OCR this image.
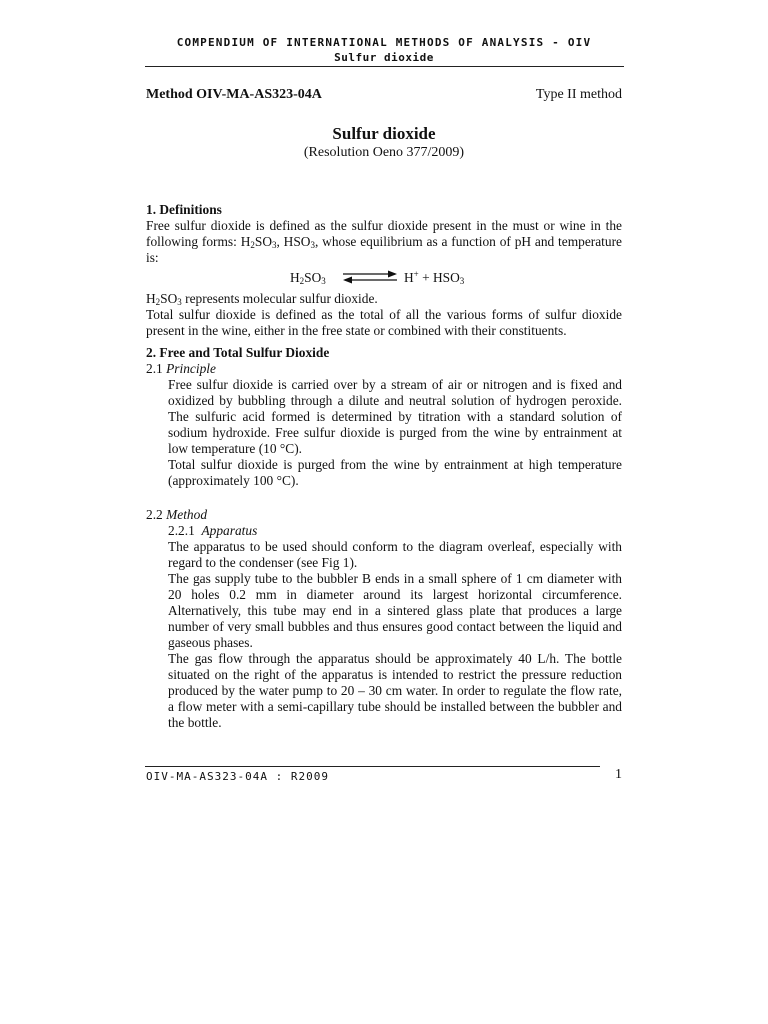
COMPENDIUM OF INTERNATIONAL METHODS OF ANALYSIS - OIV
Sulfur dioxide
Method OIV-MA-AS323-04A	Type II method
Sulfur dioxide
(Resolution Oeno 377/2009)

1. Definitions

Free sulfur dioxide is defined as the sulfur dioxide present in the must or wine in the following forms: $H_2SO_3$, $HSO_3$, whose equilibrium as a function of pH and temperature is:

$H_2SO_3$	$H^+ + HSO_3$

$H_2SO_3$ represents molecular sulfur dioxide.

Total sulfur dioxide is defined as the total of all the various forms of sulfur dioxide present in the wine, either in the free state or combined with their constituents.

2. Free and Total Sulfur Dioxide

2.1 Principle

Free sulfur dioxide is carried over by a stream of air or nitrogen and is fixed and oxidized by bubbling through a dilute and neutral solution of hydrogen peroxide. The sulfuric acid formed is determined by titration with a standard solution of sodium hydroxide. Free sulfur dioxide is purged from the wine by entrainment at low temperature (10 °C).

Total sulfur dioxide is purged from the wine by entrainment at high temperature (approximately 100 °C).

2.2 Method

2.2.1 Apparatus

The apparatus to be used should conform to the diagram overleaf, especially with regard to the condenser (see Fig 1).

The gas supply tube to the bubbler B ends in a small sphere of 1 cm diameter with 20 holes 0.2 mm in diameter around its largest horizontal circumference. Alternatively, this tube may end in a sintered glass plate that produces a large number of very small bubbles and thus ensures good contact between the liquid and gaseous phases.

The gas flow through the apparatus should be approximately 40 L/h. The bottle situated on the right of the apparatus is intended to restrict the pressure reduction produced by the water pump to 20 – 30 cm water. In order to regulate the flow rate, a flow meter with a semi-capillary tube should be installed between the bubbler and the bottle.

OIV-MA-AS323-04A : R2009	1
